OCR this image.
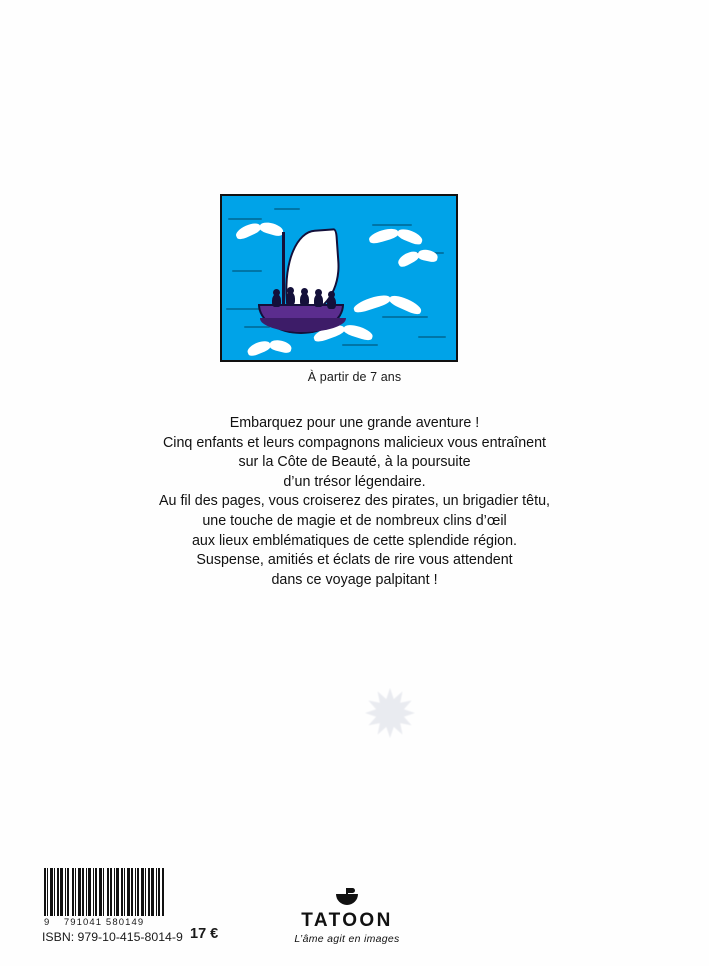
À partir de 7 ans
Embarquez pour une grande aventure !
Cinq enfants et leurs compagnons malicieux vous entraînent
sur la Côte de Beauté, à la poursuite
d’un trésor légendaire.
Au fil des pages, vous croiserez des pirates, un brigadier têtu,
une touche de magie et de nombreux clins d’œil
aux lieux emblématiques de cette splendide région.
Suspense, amitiés et éclats de rire vous attendent
dans ce voyage palpitant !
✹
9 791041 580149
ISBN: 979-10-415-8014-9 17 €
TATOON
L’âme agit en images
